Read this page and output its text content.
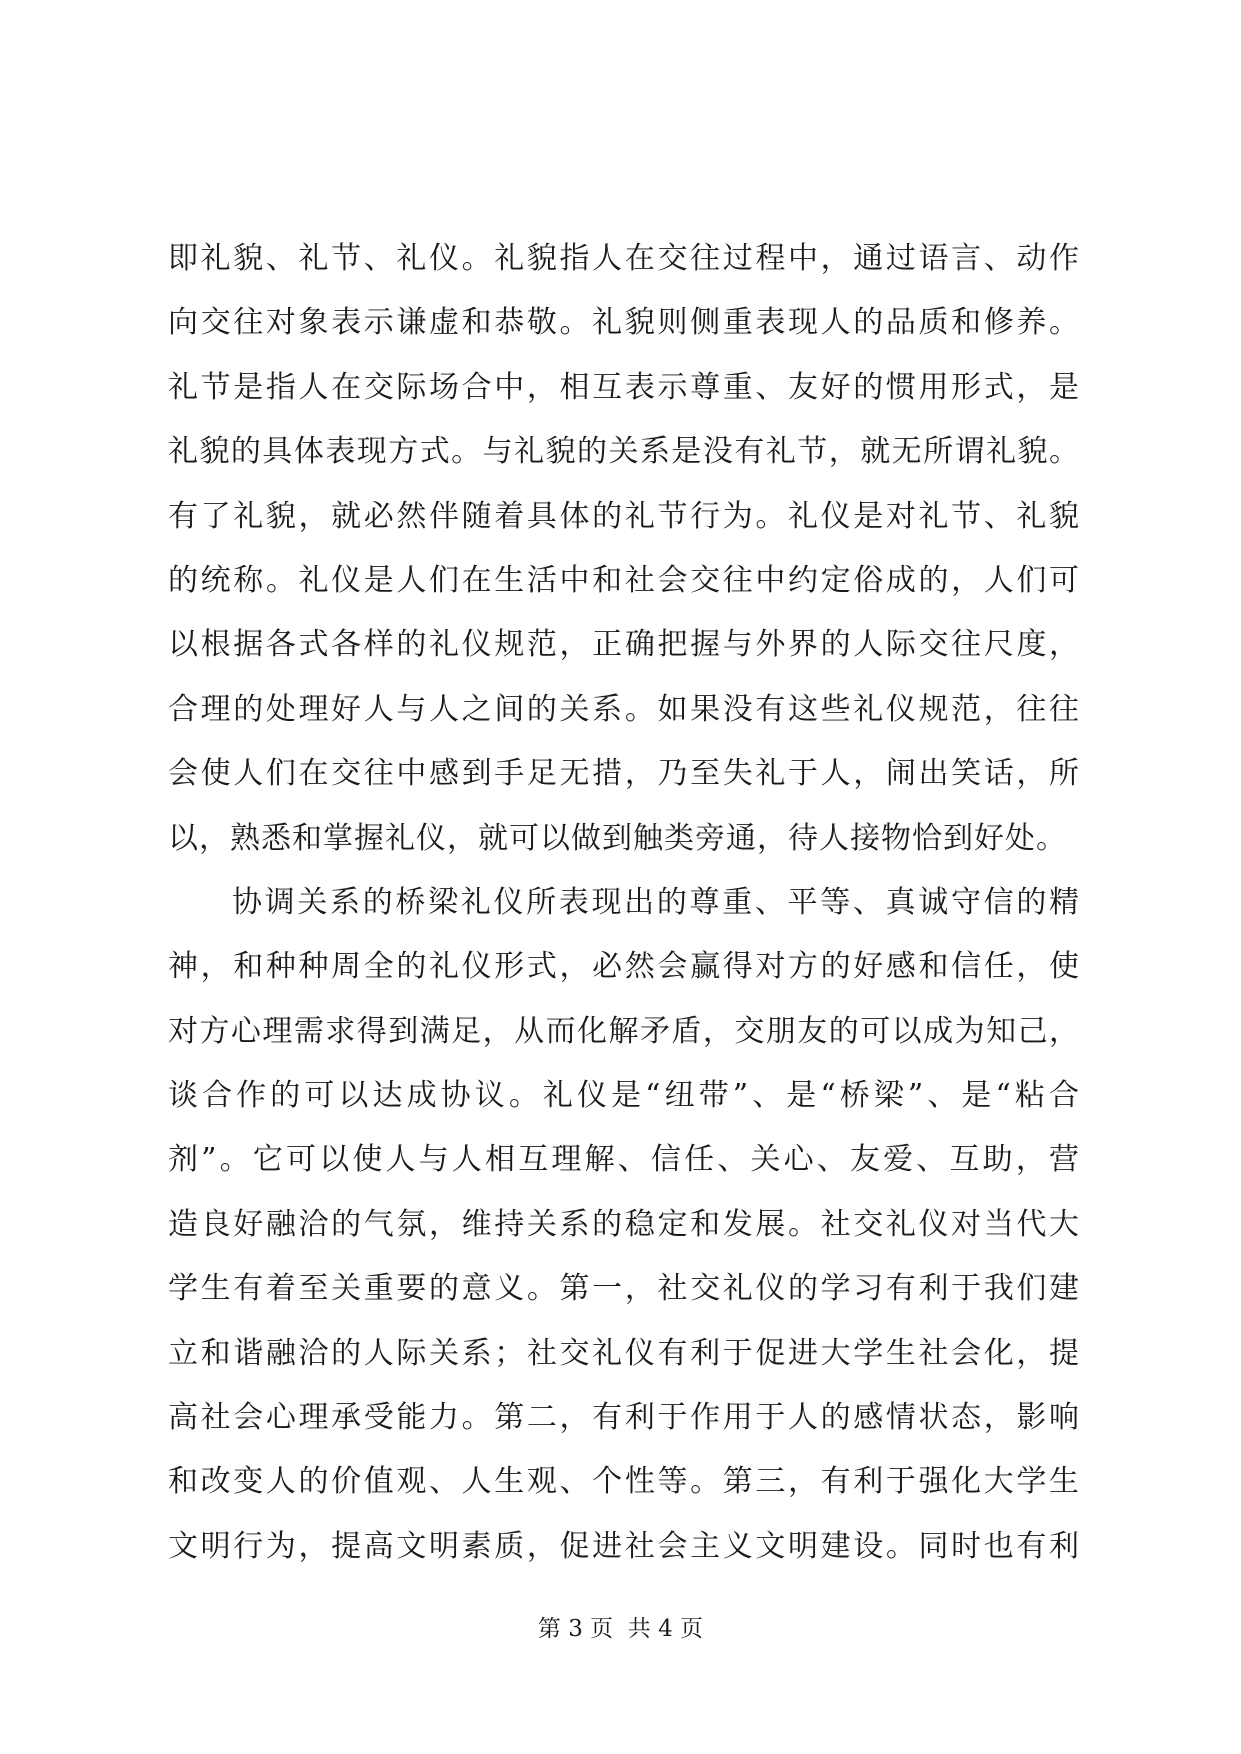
即礼貌、礼节、礼仪。礼貌指人在交往过程中，通过语言、动作
向交往对象表示谦虚和恭敬。礼貌则侧重表现人的品质和修养。
礼节是指人在交际场合中，相互表示尊重、友好的惯用形式，是
礼貌的具体表现方式。与礼貌的关系是没有礼节，就无所谓礼貌。
有了礼貌，就必然伴随着具体的礼节行为。礼仪是对礼节、礼貌
的统称。礼仪是人们在生活中和社会交往中约定俗成的，人们可
以根据各式各样的礼仪规范，正确把握与外界的人际交往尺度，
合理的处理好人与人之间的关系。如果没有这些礼仪规范，往往
会使人们在交往中感到手足无措，乃至失礼于人，闹出笑话，所
以，熟悉和掌握礼仪，就可以做到触类旁通，待人接物恰到好处。
协调关系的桥梁礼仪所表现出的尊重、平等、真诚守信的精
神，和种种周全的礼仪形式，必然会赢得对方的好感和信任，使
对方心理需求得到满足，从而化解矛盾，交朋友的可以成为知己，
谈合作的可以达成协议。礼仪是“纽带”、是“桥梁”、是“粘合
剂”。它可以使人与人相互理解、信任、关心、友爱、互助，营
造良好融洽的气氛，维持关系的稳定和发展。社交礼仪对当代大
学生有着至关重要的意义。第一，社交礼仪的学习有利于我们建
立和谐融洽的人际关系；社交礼仪有利于促进大学生社会化，提
高社会心理承受能力。第二，有利于作用于人的感情状态，影响
和改变人的价值观、人生观、个性等。第三，有利于强化大学生
文明行为，提高文明素质，促进社会主义文明建设。同时也有利
第 3 页  共 4 页
